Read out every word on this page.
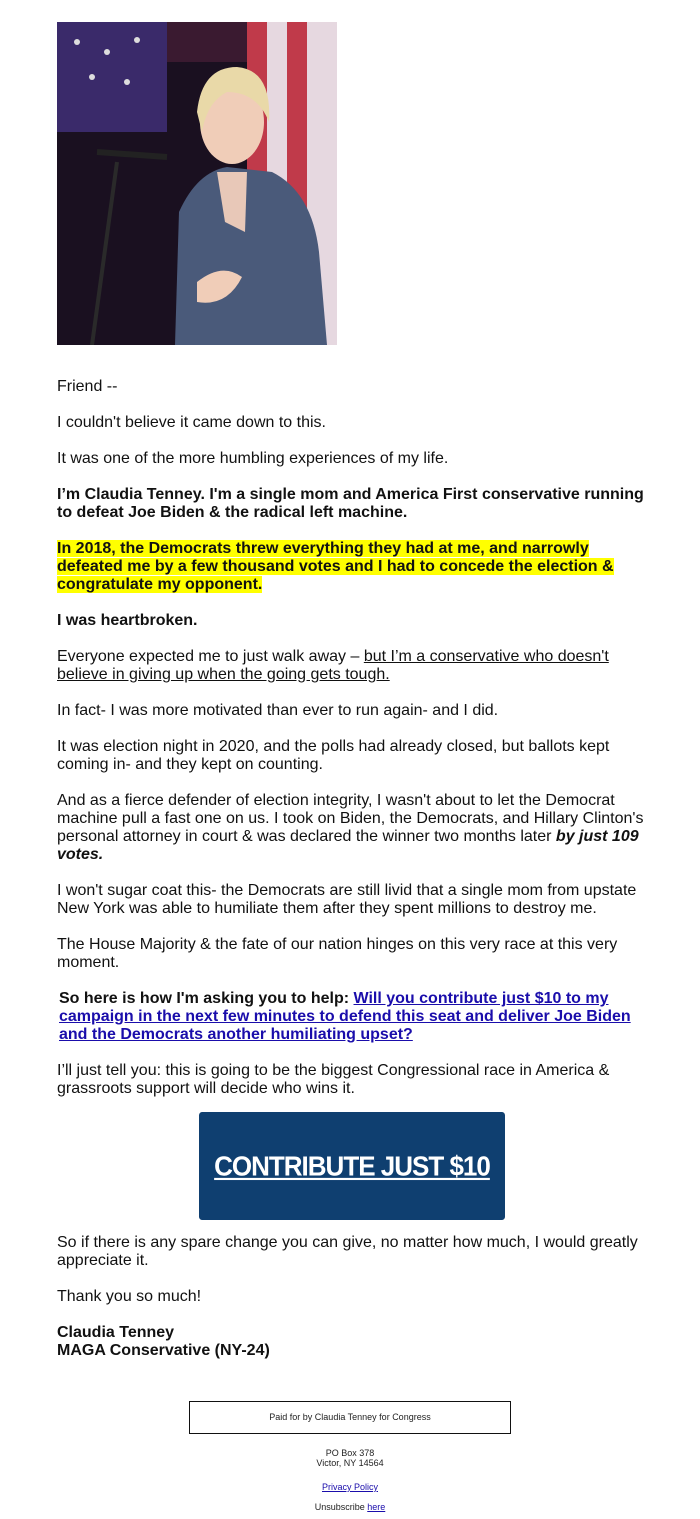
Friend --

I couldn't believe it came down to this.

It was one of the more humbling experiences of my life.

I’m Claudia Tenney. I'm a single mom and America First conservative running to defeat Joe Biden & the radical left machine.

In 2018, the Democrats threw everything they had at me, and narrowly defeated me by a few thousand votes and I had to concede the election & congratulate my opponent.

I was heartbroken.

Everyone expected me to just walk away – but I’m a conservative who doesn't believe in giving up when the going gets tough.

In fact- I was more motivated than ever to run again- and I did.

It was election night in 2020, and the polls had already closed, but ballots kept coming in- and they kept on counting.

And as a fierce defender of election integrity, I wasn't about to let the Democrat machine pull a fast one on us. I took on Biden, the Democrats, and Hillary Clinton's personal attorney in court & was declared the winner two months later by just 109 votes.

I won't sugar coat this- the Democrats are still livid that a single mom from upstate New York was able to humiliate them after they spent millions to destroy me.

The House Majority & the fate of our nation hinges on this very race at this very moment.

So here is how I'm asking you to help: Will you contribute just $10 to my campaign in the next few minutes to defend this seat and deliver Joe Biden and the Democrats another humiliating upset?

I’ll just tell you: this is going to be the biggest Congressional race in America & grassroots support will decide who wins it.

CONTRIBUTE JUST $10

So if there is any spare change you can give, no matter how much, I would greatly appreciate it.

Thank you so much!

Claudia Tenney
MAGA Conservative (NY-24)

Paid for by Claudia Tenney for Congress
PO Box 378
Victor, NY 14564
Privacy Policy
Unsubscribe here
